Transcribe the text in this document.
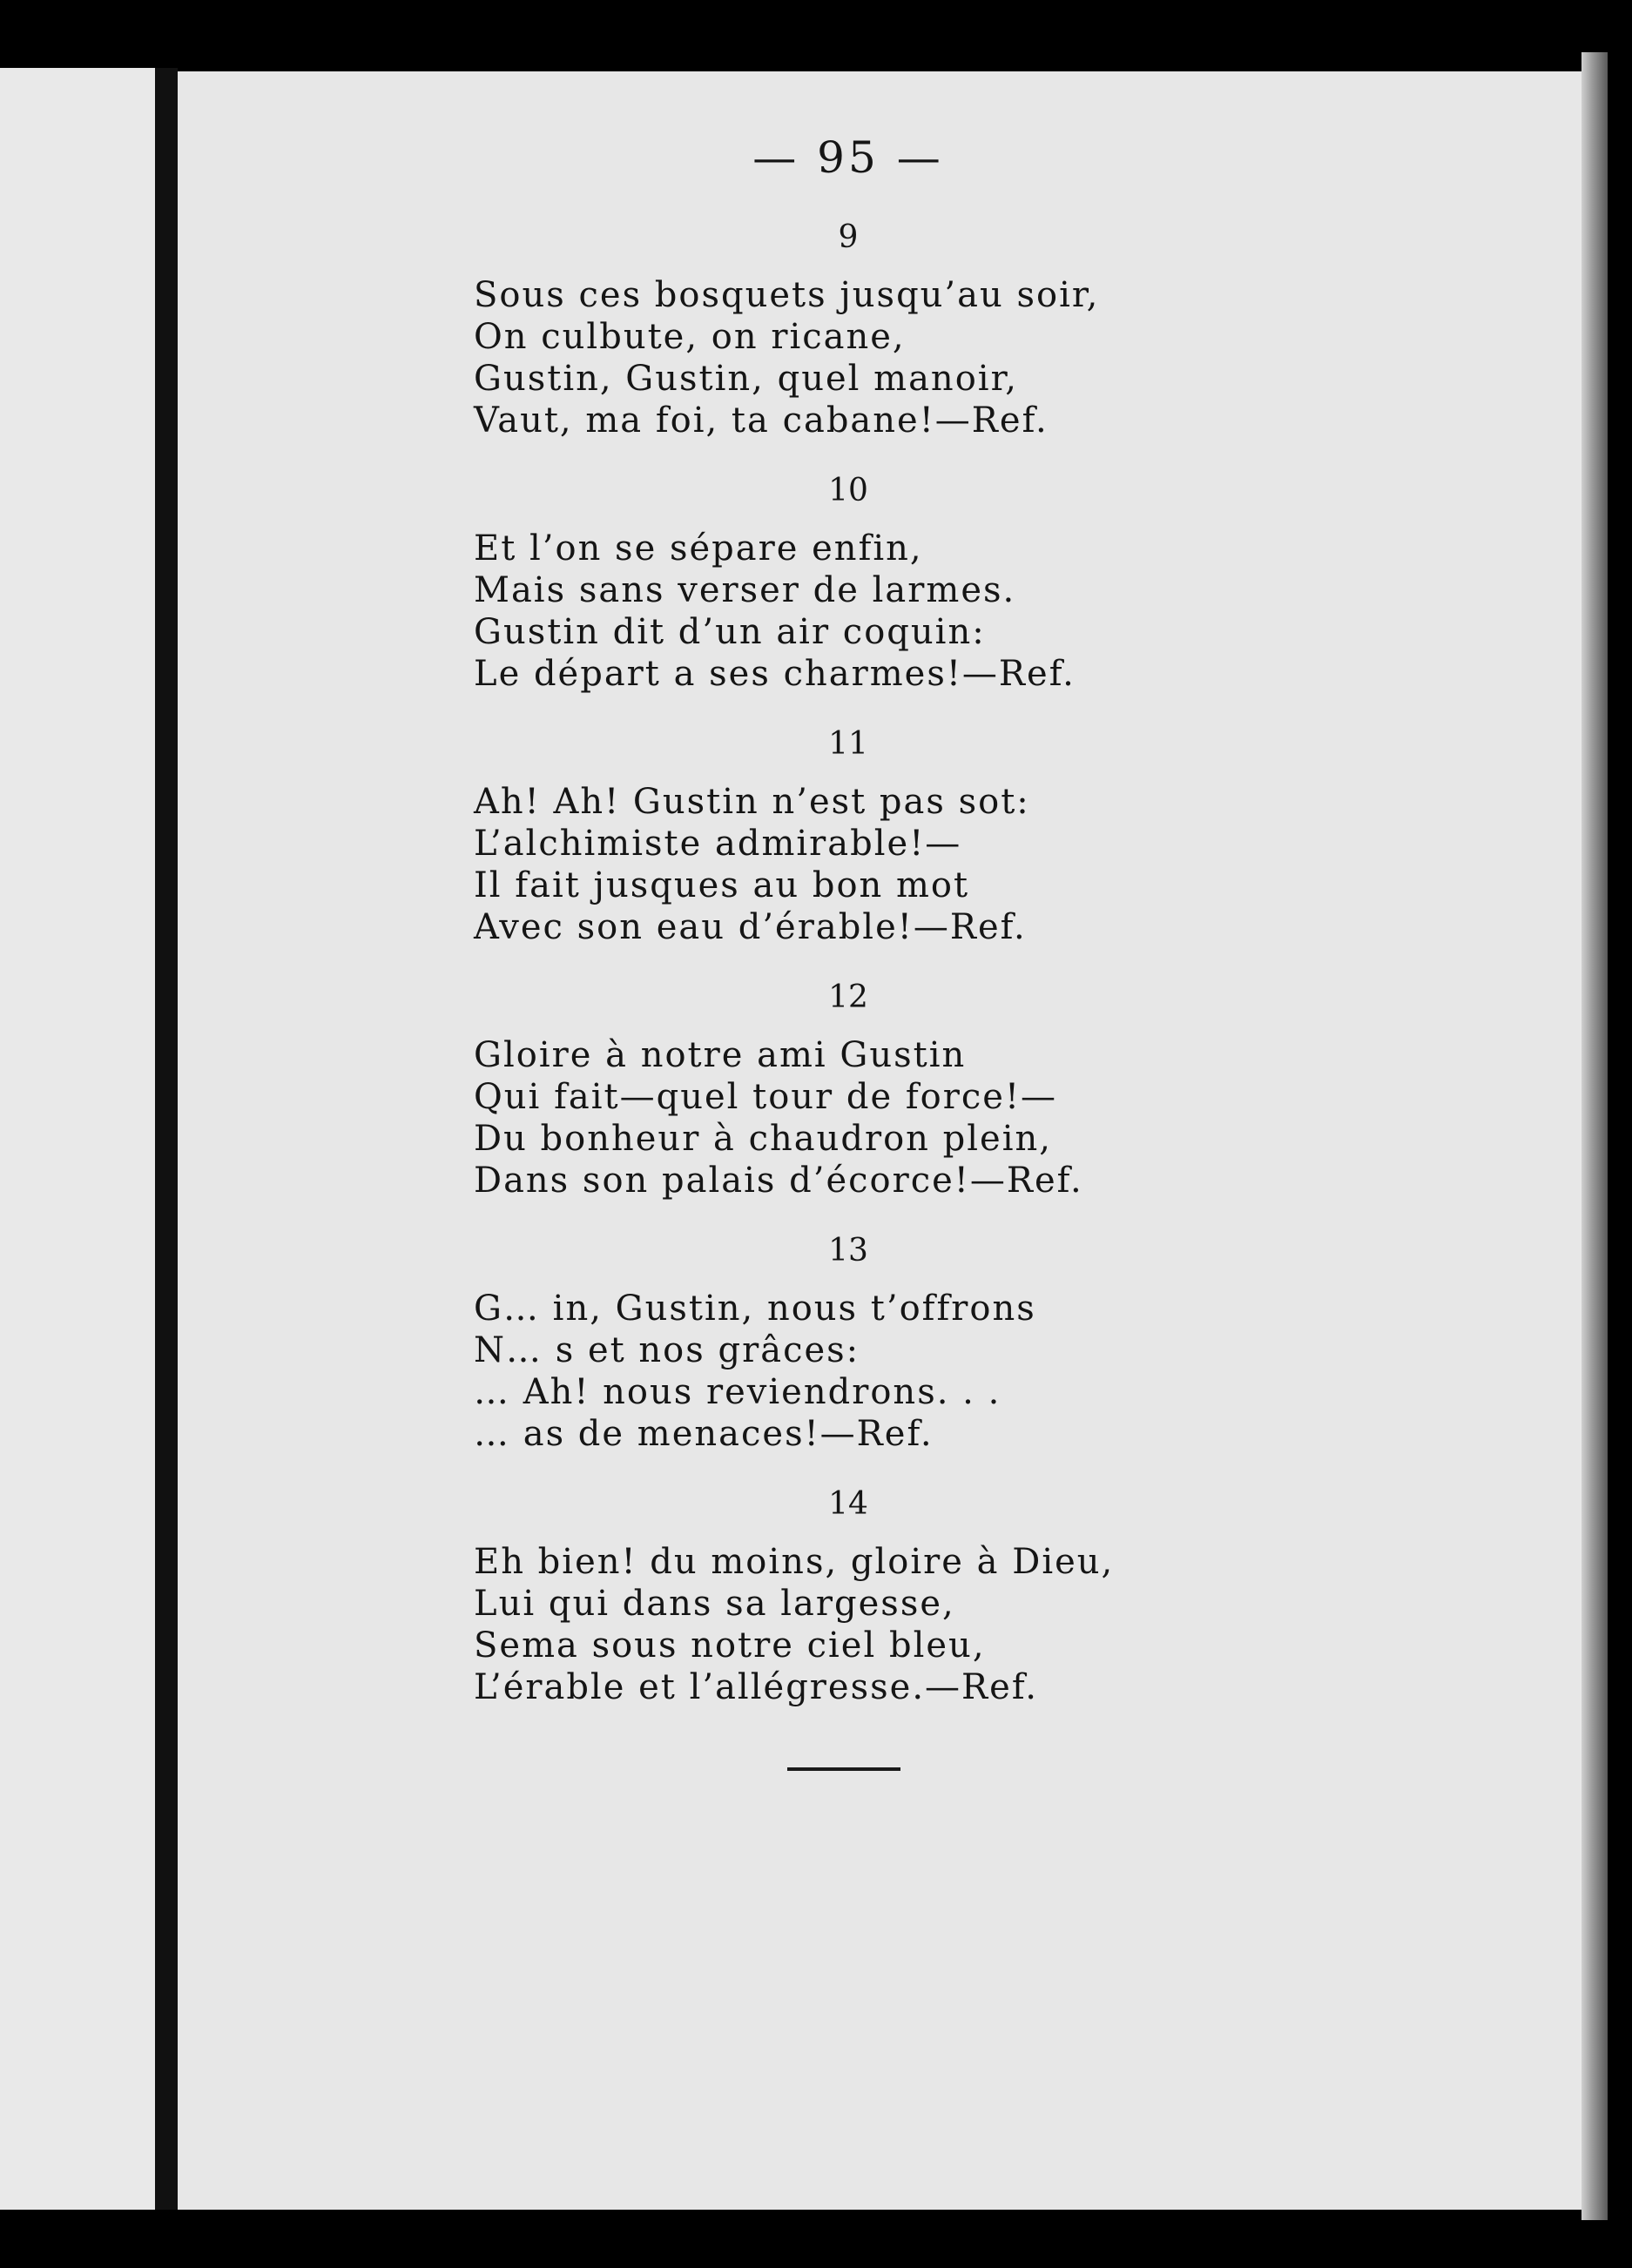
— 95 —
9
Sous ces bosquets jusqu’au soir,
On culbute, on ricane,
Gustin, Gustin, quel manoir,
Vaut, ma foi, ta cabane!—Ref.
10
Et l’on se sépare enfin,
Mais sans verser de larmes.
Gustin dit d’un air coquin:
Le départ a ses charmes!—Ref.
11
Ah! Ah! Gustin n’est pas sot:
L’alchimiste admirable!—
Il fait jusques au bon mot
Avec son eau d’érable!—Ref.
12
Gloire à notre ami Gustin
Qui fait—quel tour de force!—
Du bonheur à chaudron plein,
Dans son palais d’écorce!—Ref.
13
G… in, Gustin, nous t’offrons
N… s et nos grâces:
… Ah! nous reviendrons. . .
… as de menaces!—Ref.
14
Eh bien! du moins, gloire à Dieu,
Lui qui dans sa largesse,
Sema sous notre ciel bleu,
L’érable et l’allégresse.—Ref.
